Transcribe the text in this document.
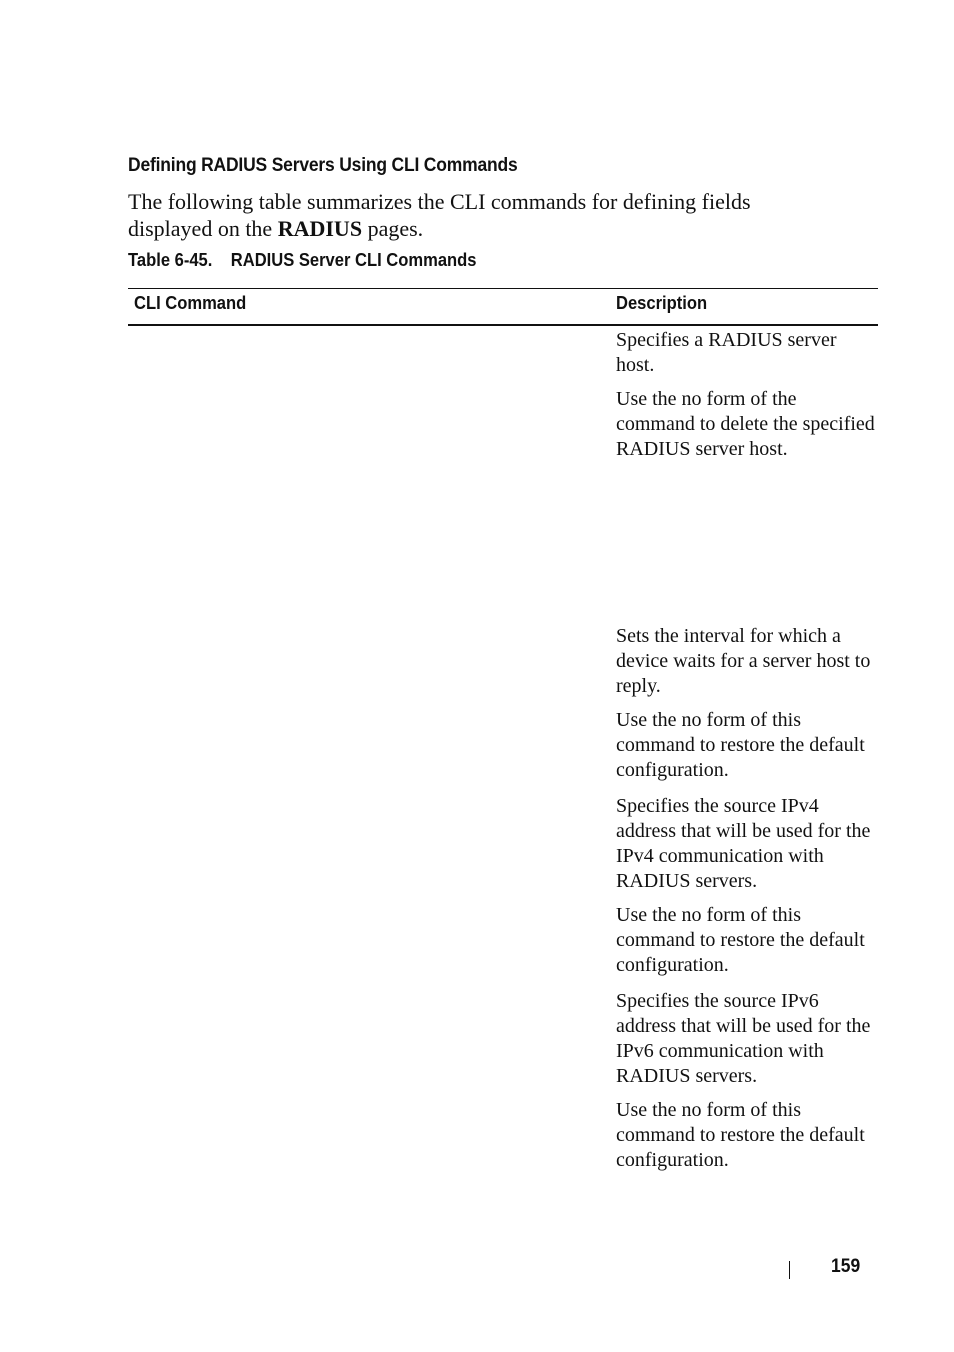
Defining RADIUS Servers Using CLI Commands

The following table summarizes the CLI commands for defining fields displayed on the RADIUS pages.

Table 6-45.    RADIUS Server CLI Commands

CLI Command	Description

Specifies a RADIUS server host.

Use the no form of the command to delete the specified RADIUS server host.

Sets the interval for which a device waits for a server host to reply.

Use the no form of this command to restore the default configuration.

Specifies the source IPv4 address that will be used for the IPv4 communication with RADIUS servers.

Use the no form of this command to restore the default configuration.

Specifies the source IPv6 address that will be used for the IPv6 communication with RADIUS servers.

Use the no form of this command to restore the default configuration.

159
